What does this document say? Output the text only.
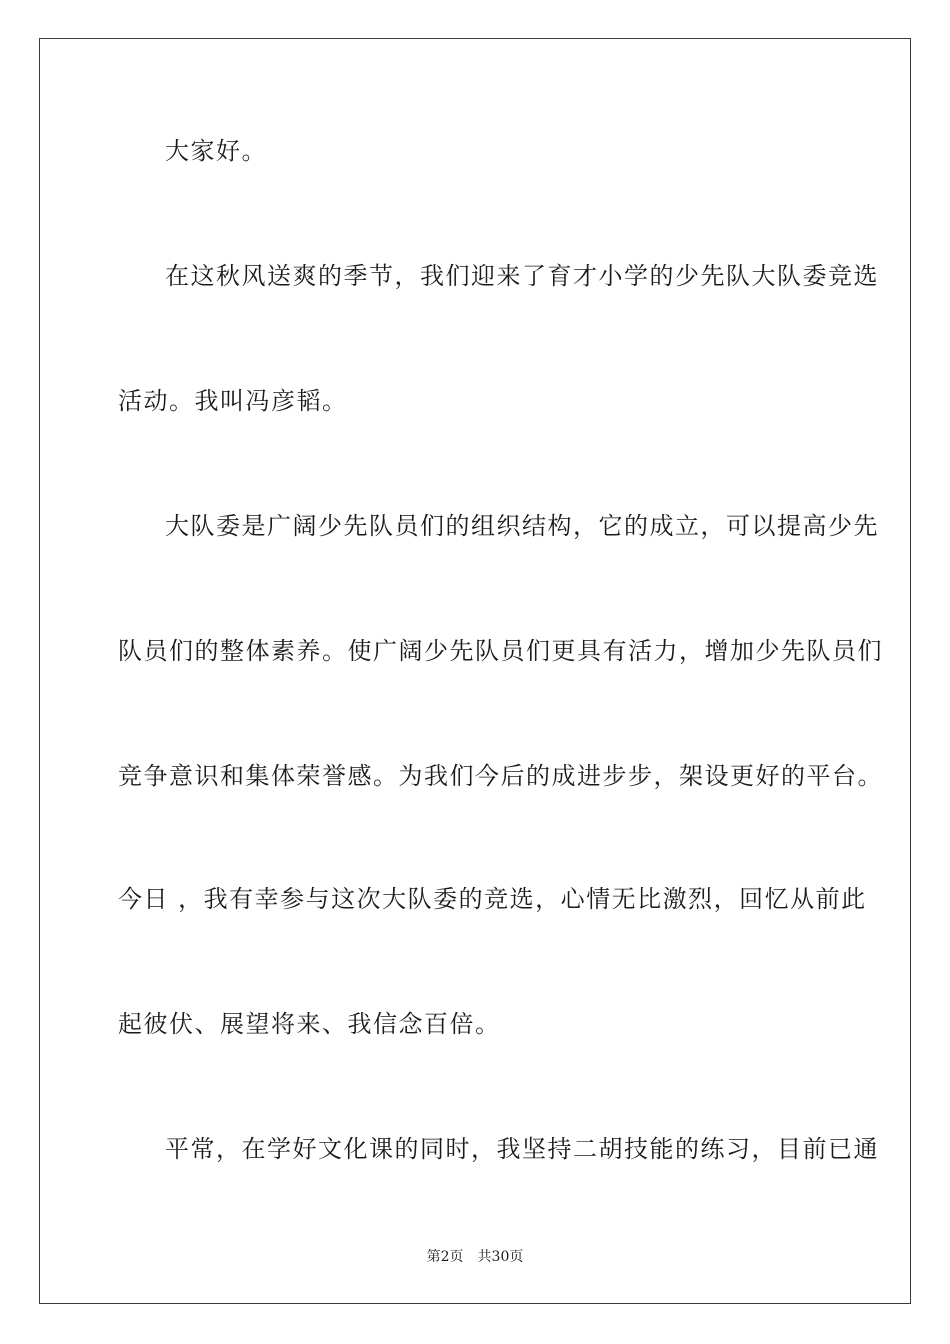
大家好。
在这秋风送爽的季节，我们迎来了育才小学的少先队大队委竞选
活动。我叫冯彦韬。
大队委是广阔少先队员们的组织结构，它的成立，可以提高少先
队员们的整体素养。使广阔少先队员们更具有活力，增加少先队员们
竞争意识和集体荣誉感。为我们今后的成进步步，架设更好的平台。
今日 ，我有幸参与这次大队委的竞选，心情无比激烈，回忆从前此
起彼伏、展望将来、我信念百倍。
平常，在学好文化课的同时，我坚持二胡技能的练习，目前已通
第2页 共30页
